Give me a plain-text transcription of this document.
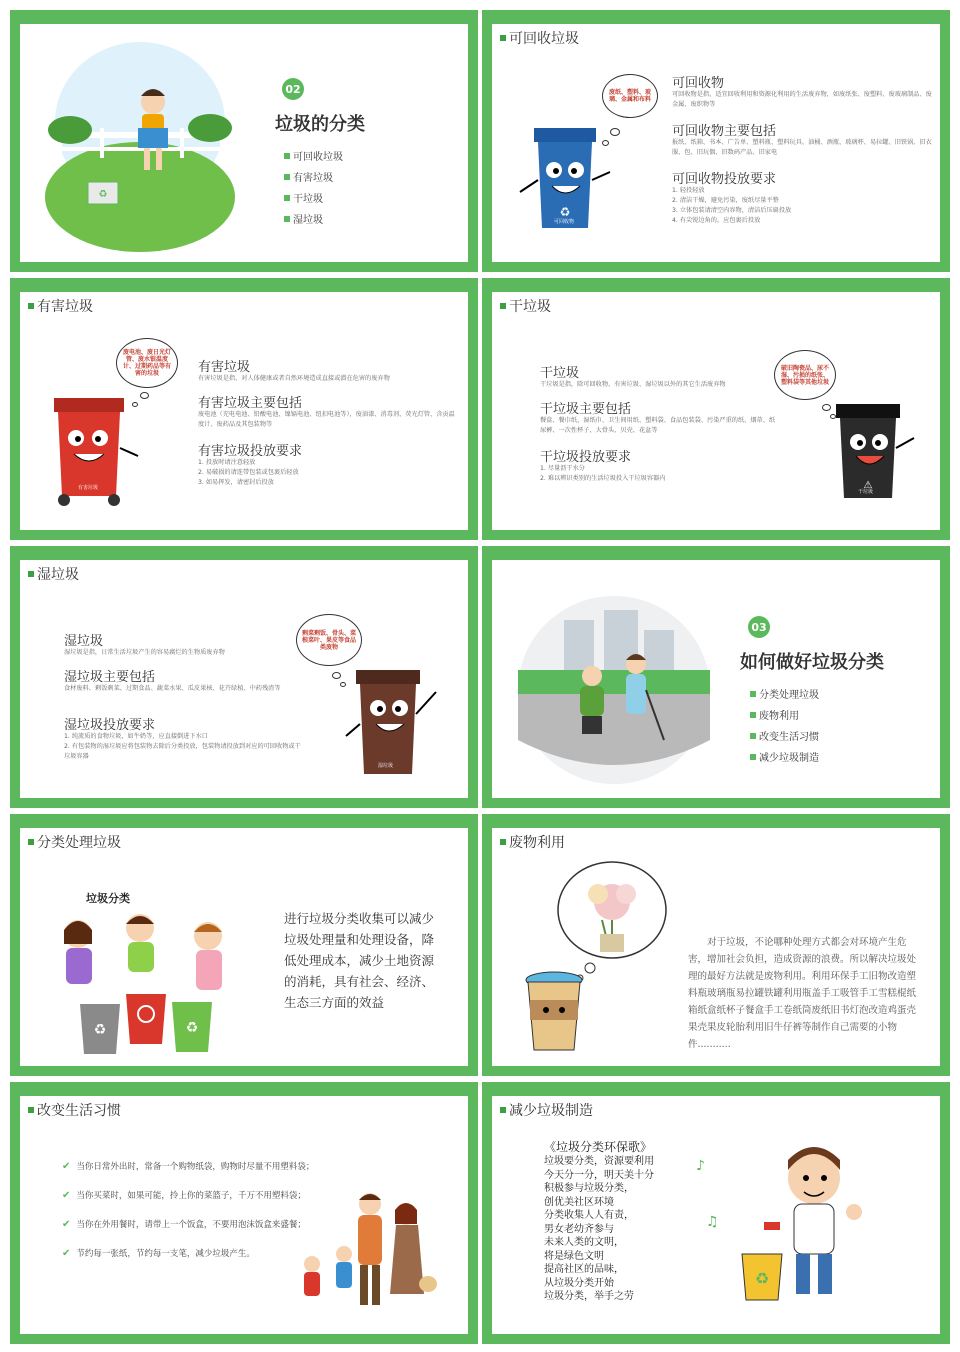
♻
02
垃圾的分类
可回收垃圾
有害垃圾
干垃圾
湿垃圾
可回收垃圾
废纸、塑料、玻璃、金属和布料
♻
可回收物
可回收物
可回收物是指，适宜回收利用和资源化利用的生活废弃物，如废纸张、废塑料、废玻璃制品、废金属、废织物等
可回收物主要包括
报纸、纸箱、书本、广告单、塑料瓶、塑料玩具、油桶、酒瓶、玻璃杯、易拉罐、旧铁锅、旧衣服、包、旧玩偶、旧数码产品、旧家电
可回收物投放要求
1. 轻投轻放
2. 清洁干燥，避免污染，废纸尽量平整
3. 立体包装请清空内容物，清洁后压扁投放
4. 有尖锐边角的，应包裹后投放
有害垃圾
废电池、废日光灯管、废水银温度计、过期药品等有害的垃圾
有害垃圾
有害垃圾
有害垃圾是指，对人体健康或者自然环境造成直接或潜在危害的废弃物
有害垃圾主要包括
废电池（充电电池、铅酸电池、镍镉电池、纽扣电池等），废油漆、消毒剂、荧光灯管、含贡温度计、废药品及其包装物等
有害垃圾投放要求
1. 投放时请注意轻放
2. 易破损的请连带包装或包裹后轻放
3. 如易挥发，请密封后投放
干垃圾
干垃圾
干垃圾是指，除可回收物、有害垃圾、湿垃圾以外的其它生活废弃物
干垃圾主要包括
餐盒、餐巾纸、湿纸巾、卫生间用纸、塑料袋、食品包装袋、污染严重的纸、烟蒂、纸尿裤、一次性杯子、大骨头、贝壳、花盆等
干垃圾投放要求
1. 尽量沥干水分
2. 难以辨识类别的生活垃圾投入干垃圾容器内
破旧陶瓷品、尿不湿、污损的纸张、塑料袋等其他垃圾
⚠
干垃圾
湿垃圾
湿垃圾
湿垃圾是指，日常生活垃圾产生的容易腐烂的生物质废弃物
湿垃圾主要包括
食材废料、剩饭剩菜、过期食品、蔬菜水果、瓜皮果核、花卉绿植、中药残渣等
湿垃圾投放要求
1. 纯流质的食物垃圾，如牛奶等，应直接倒进下水口
2. 有包装物的湿垃圾应将包装物去除后分类投放，包装物请投放到对应的可回收物或干垃圾容器
剩菜剩饭、骨头、菜根菜叶、果皮等食品类废物
湿垃圾
03
如何做好垃圾分类
分类处理垃圾
废物利用
改变生活习惯
减少垃圾制造
分类处理垃圾
垃圾分类
♻	♻
进行垃圾分类收集可以减少垃圾处理量和处理设备，降低处理成本，减少土地资源的消耗，具有社会、经济、生态三方面的效益
废物利用
对于垃圾，不论哪种处理方式都会对环境产生危害，增加社会负担，造成资源的浪费。所以解决垃圾处理的最好方法就是废物利用。利用环保手工旧物改造塑料瓶玻璃瓶易拉罐铁罐利用瓶盖手工吸管手工雪糕棍纸箱纸盒纸杯子餐盒手工卷纸筒废纸旧书灯泡改造鸡蛋壳果壳果皮轮胎利用旧牛仔裤等制作自己需要的小物件...........
改变生活习惯
✔ 当你日常外出时，常备一个购物纸袋，购物时尽量不用塑料袋；
✔ 当你买菜时，如果可能，拎上你的菜篮子，千万不用塑料袋；
✔ 当你在外用餐时，请带上一个饭盒，不要用泡沫饭盒来盛餐；
✔ 节约每一张纸，节约每一支笔，减少垃圾产生。
减少垃圾制造
《垃圾分类环保歌》
垃圾要分类，资源要利用
今天分一分，明天美十分
积极参与垃圾分类，
创优美社区环境
分类收集人人有责，
男女老幼齐参与
未来人类的文明，
将是绿色文明
提高社区的品味，
从垃圾分类开始
垃圾分类，举手之劳
♪
♫
♻
